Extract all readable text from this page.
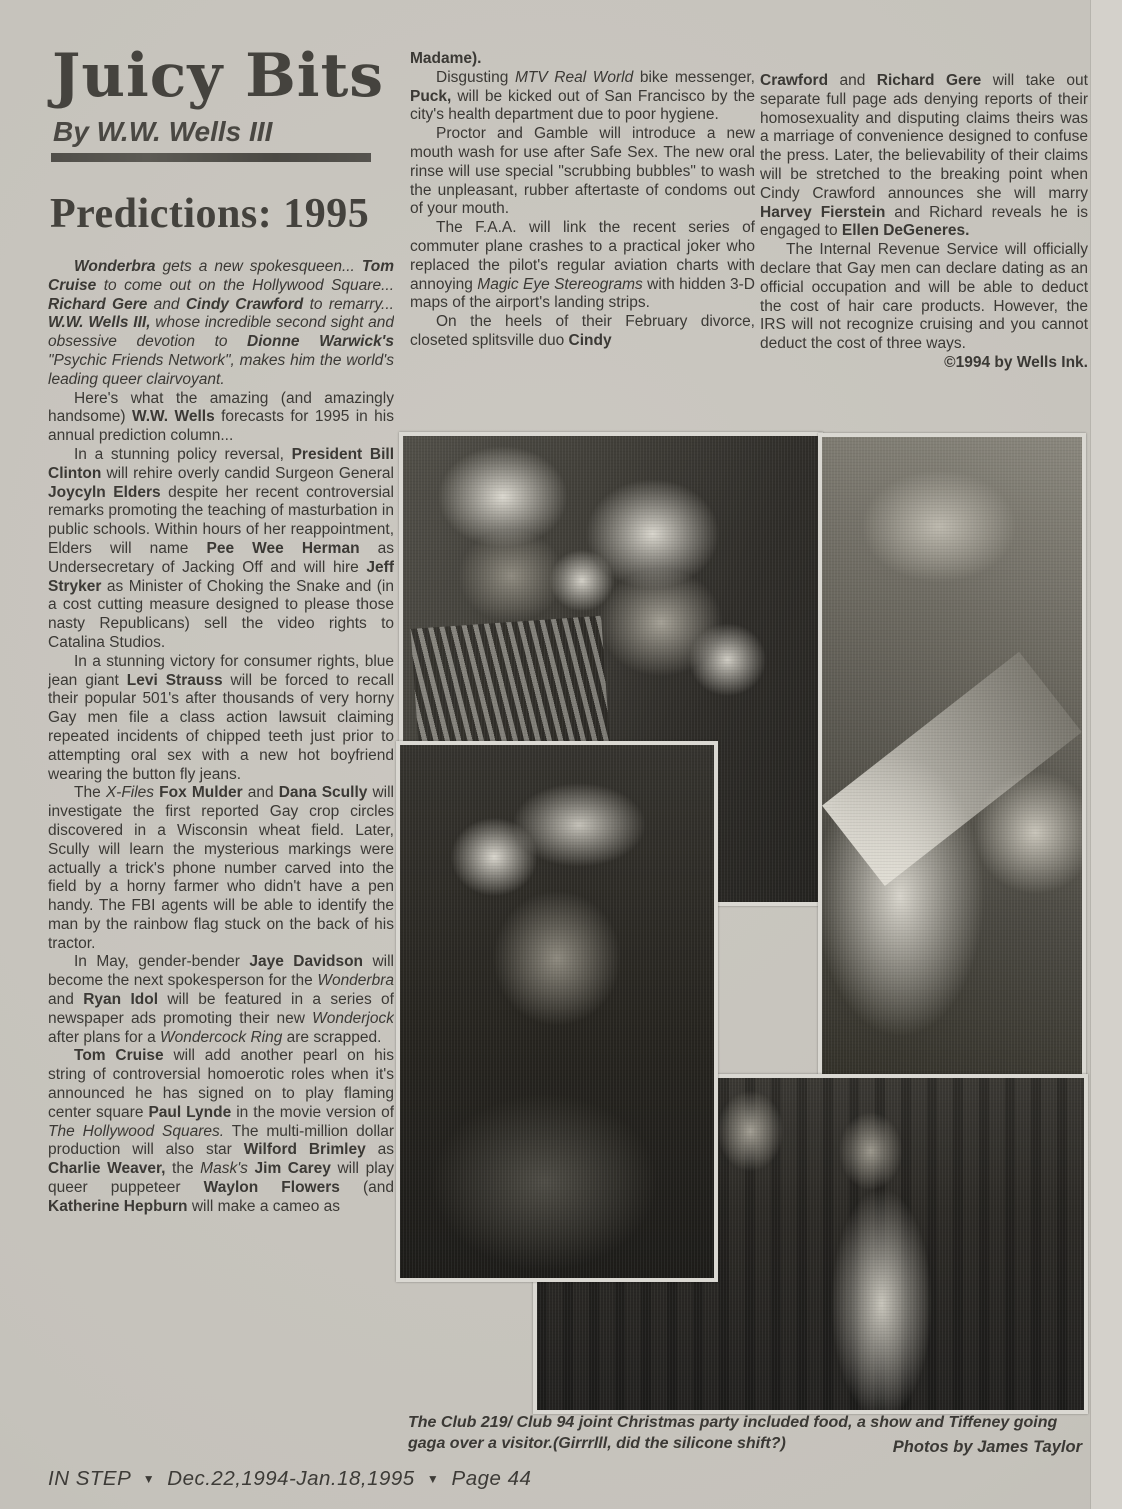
Juicy Bits
By W.W. Wells III
Predictions: 1995

Wonderbra gets a new spokesqueen... Tom Cruise to come out on the Hollywood Square... Richard Gere and Cindy Crawford to remarry... W.W. Wells III, whose incredible second sight and obsessive devotion to Dionne Warwick's "Psychic Friends Network", makes him the world's leading queer clairvoyant.

Here's what the amazing (and amazingly handsome) W.W. Wells forecasts for 1995 in his annual prediction column...

In a stunning policy reversal, President Bill Clinton will rehire overly candid Surgeon General Joycyln Elders despite her recent controversial remarks promoting the teaching of masturbation in public schools. Within hours of her reappointment, Elders will name Pee Wee Herman as Undersecretary of Jacking Off and will hire Jeff Stryker as Minister of Choking the Snake and (in a cost cutting measure designed to please those nasty Republicans) sell the video rights to Catalina Studios.

In a stunning victory for consumer rights, blue jean giant Levi Strauss will be forced to recall their popular 501's after thousands of very horny Gay men file a class action lawsuit claiming repeated incidents of chipped teeth just prior to attempting oral sex with a new hot boyfriend wearing the button fly jeans.

The X-Files Fox Mulder and Dana Scully will investigate the first reported Gay crop circles discovered in a Wisconsin wheat field. Later, Scully will learn the mysterious markings were actually a trick's phone number carved into the field by a horny farmer who didn't have a pen handy. The FBI agents will be able to identify the man by the rainbow flag stuck on the back of his tractor.

In May, gender-bender Jaye Davidson will become the next spokesperson for the Wonderbra and Ryan Idol will be featured in a series of newspaper ads promoting their new Wonderjock after plans for a Wondercock Ring are scrapped.

Tom Cruise will add another pearl on his string of controversial homoerotic roles when it's announced he has signed on to play flaming center square Paul Lynde in the movie version of The Hollywood Squares. The multi-million dollar production will also star Wilford Brimley as Charlie Weaver, the Mask's Jim Carey will play queer puppeteer Waylon Flowers (and Katherine Hepburn will make a cameo as

Madame).

Disgusting MTV Real World bike messenger, Puck, will be kicked out of San Francisco by the city's health department due to poor hygiene.

Proctor and Gamble will introduce a new mouth wash for use after Safe Sex. The new oral rinse will use special "scrubbing bubbles" to wash the unpleasant, rubber aftertaste of condoms out of your mouth.

The F.A.A. will link the recent series of commuter plane crashes to a practical joker who replaced the pilot's regular aviation charts with annoying Magic Eye Stereograms with hidden 3-D maps of the airport's landing strips.

On the heels of their February divorce, closeted splitsville duo Cindy

Crawford and Richard Gere will take out separate full page ads denying reports of their homosexuality and disputing claims theirs was a marriage of convenience designed to confuse the press. Later, the believability of their claims will be stretched to the breaking point when Cindy Crawford announces she will marry Harvey Fierstein and Richard reveals he is engaged to Ellen DeGeneres.

The Internal Revenue Service will officially declare that Gay men can declare dating as an official occupation and will be able to deduct the cost of hair care products. However, the IRS will not recognize cruising and you cannot deduct the cost of three ways.

©1994 by Wells Ink.

The Club 219/ Club 94 joint Christmas party included food, a show and Tiffeney going gaga over a visitor.(Girrrlll, did the silicone shift?)	Photos by James Taylor
IN STEP ▼ Dec.22,1994-Jan.18,1995 ▼ Page 44
